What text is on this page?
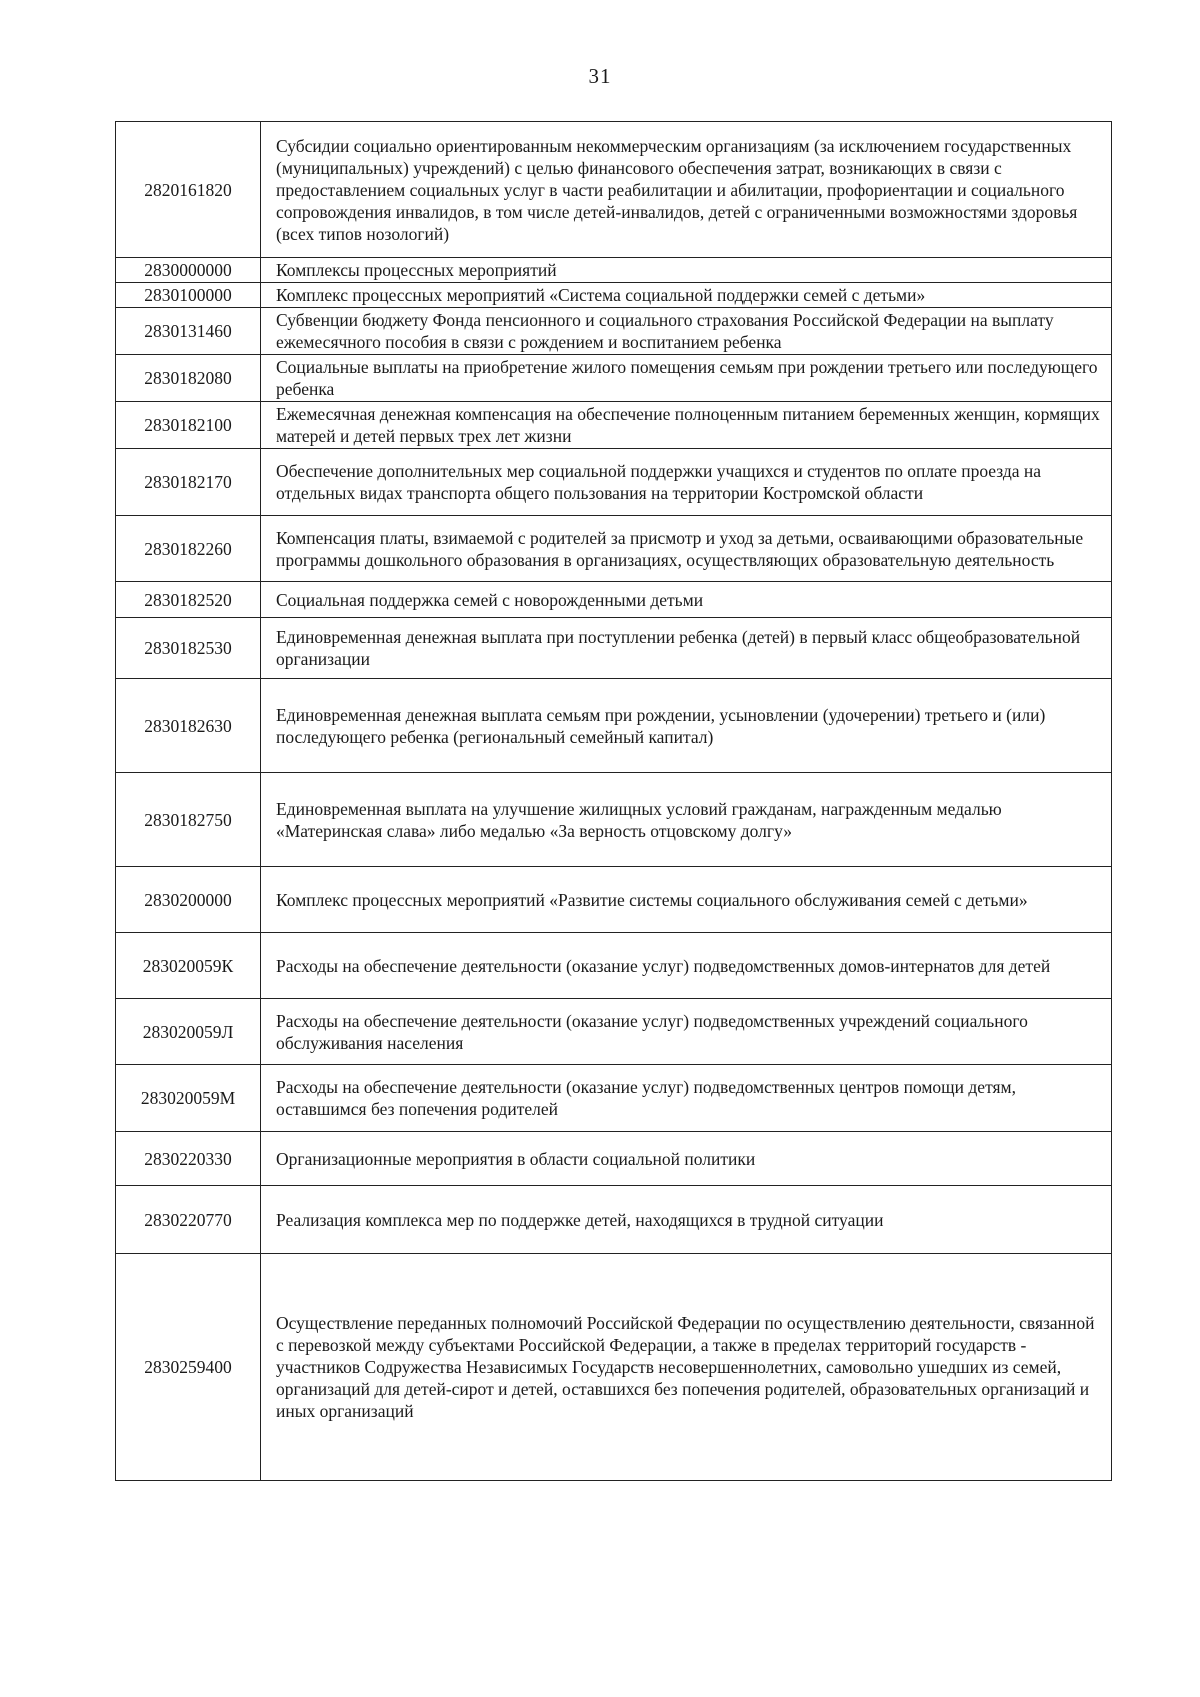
31
2820161820	Субсидии социально ориентированным некоммерческим организациям (за исключением государственных (муниципальных) учреждений) с целью финансового обеспечения затрат, возникающих в связи с предоставлением социальных услуг в части реабилитации и абилитации, профориентации и социального сопровождения инвалидов, в том числе детей-инвалидов, детей с ограниченными возможностями здоровья (всех типов нозологий)
2830000000	Комплексы процессных мероприятий
2830100000	Комплекс процессных мероприятий «Система социальной поддержки семей с детьми»
2830131460	Субвенции бюджету Фонда пенсионного и социального страхования Российской Федерации на выплату ежемесячного пособия в связи с рождением и воспитанием ребенка
2830182080	Социальные выплаты на приобретение жилого помещения семьям при рождении третьего или последующего ребенка
2830182100	Ежемесячная денежная компенсация на обеспечение полноценным питанием беременных женщин, кормящих матерей и детей первых трех лет жизни
2830182170	Обеспечение дополнительных мер социальной поддержки учащихся и студентов по оплате проезда на отдельных видах транспорта общего пользования на территории Костромской области
2830182260	Компенсация платы, взимаемой с родителей за присмотр и уход за детьми, осваивающими образовательные программы дошкольного образования в организациях, осуществляющих образовательную деятельность
2830182520	Социальная поддержка семей с новорожденными детьми
2830182530	Единовременная денежная выплата при поступлении ребенка (детей) в первый класс общеобразовательной организации
2830182630	Единовременная денежная выплата семьям при рождении, усыновлении (удочерении) третьего и (или) последующего ребенка (региональный семейный капитал)
2830182750	Единовременная выплата на улучшение жилищных условий гражданам, награжденным медалью «Материнская слава» либо медалью «За верность отцовскому долгу»
2830200000	Комплекс процессных мероприятий «Развитие системы социального обслуживания семей с детьми»
283020059К	Расходы на обеспечение деятельности (оказание услуг) подведомственных домов-интернатов для детей
283020059Л	Расходы на обеспечение деятельности (оказание услуг) подведомственных учреждений социального обслуживания населения
283020059М	Расходы на обеспечение деятельности (оказание услуг) подведомственных центров помощи детям, оставшимся без попечения родителей
2830220330	Организационные мероприятия в области социальной политики
2830220770	Реализация комплекса мер по поддержке детей, находящихся в трудной ситуации
2830259400	Осуществление переданных полномочий Российской Федерации по осуществлению деятельности, связанной с перевозкой между субъектами Российской Федерации, а также в пределах территорий государств - участников Содружества Независимых Государств несовершеннолетних, самовольно ушедших из семей, организаций для детей-сирот и детей, оставшихся без попечения родителей, образовательных организаций и иных организаций
